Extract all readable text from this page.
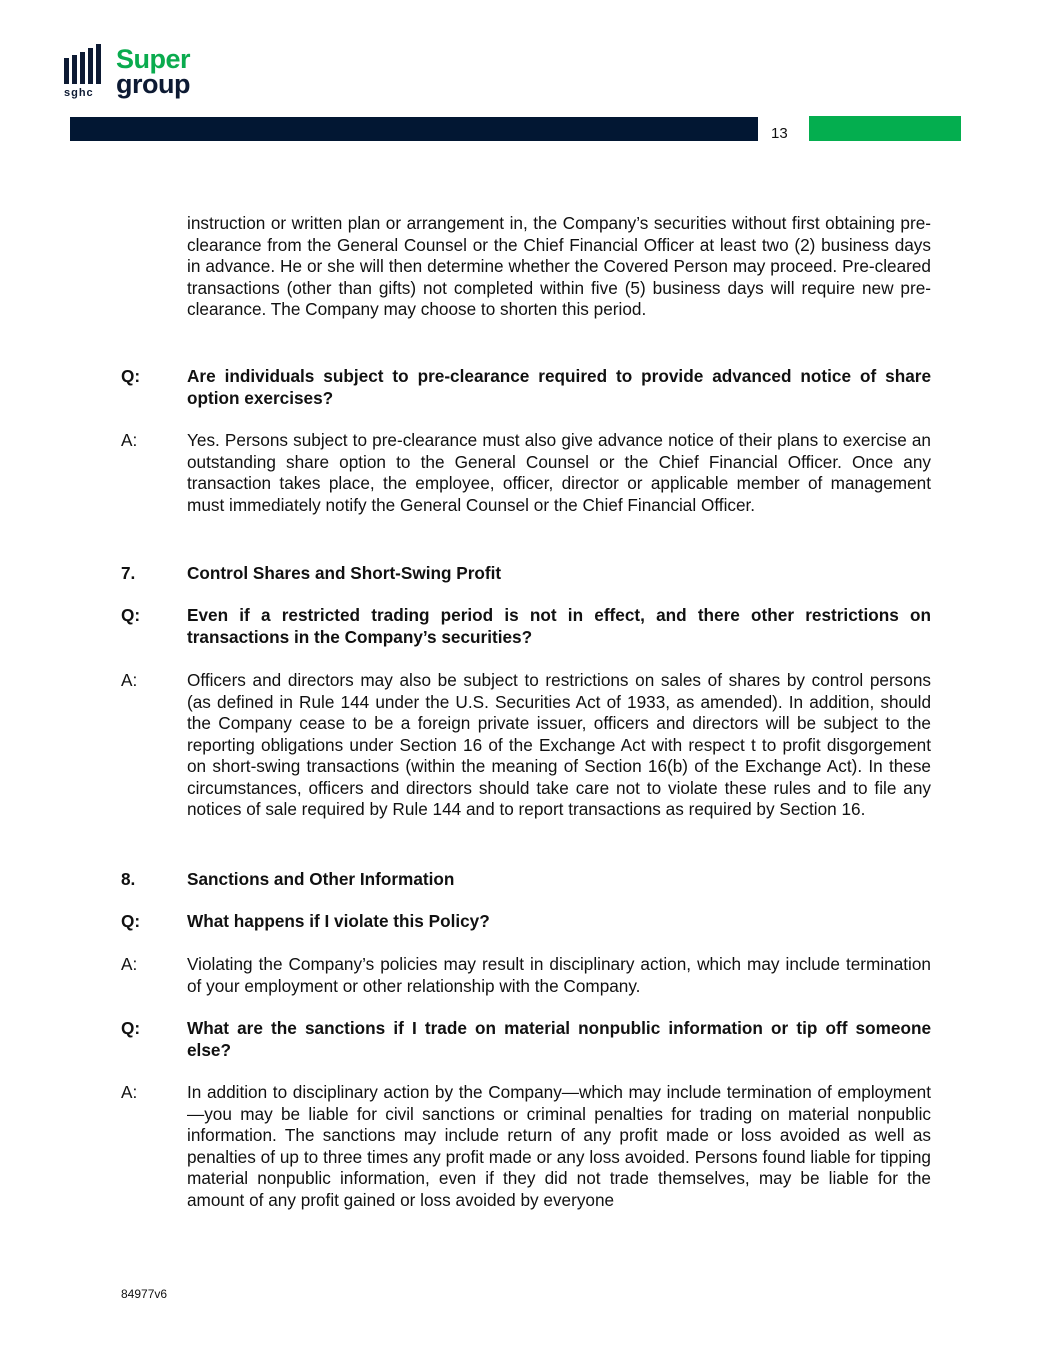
sghc
Super
group
13
instruction or written plan or arrangement in, the Company’s securities without first obtaining pre-clearance from the General Counsel or the Chief Financial Officer at least two (2) business days in advance. He or she will then determine whether the Covered Person may proceed. Pre-cleared transactions (other than gifts) not completed within five (5) business days will require new pre-clearance. The Company may choose to shorten this period.
Q:	Are individuals subject to pre-clearance required to provide advanced notice of share option exercises?
A:	Yes. Persons subject to pre-clearance must also give advance notice of their plans to exercise an outstanding share option to the General Counsel or the Chief Financial Officer. Once any transaction takes place, the employee, officer, director or applicable member of management must immediately notify the General Counsel or the Chief Financial Officer.
7.	Control Shares and Short-Swing Profit
Q:	Even if a restricted trading period is not in effect, and there other restrictions on transactions in the Company’s securities?
A:	Officers and directors may also be subject to restrictions on sales of shares by control persons (as defined in Rule 144 under the U.S. Securities Act of 1933, as amended). In addition, should the Company cease to be a foreign private issuer, officers and directors will be subject to the reporting obligations under Section 16 of the Exchange Act with respect t to profit disgorgement on short-swing transactions (within the meaning of Section 16(b) of the Exchange Act). In these circumstances, officers and directors should take care not to violate these rules and to file any notices of sale required by Rule 144 and to report transactions as required by Section 16.
8.	Sanctions and Other Information
Q:	What happens if I violate this Policy?
A:	Violating the Company’s policies may result in disciplinary action, which may include termination of your employment or other relationship with the Company.
Q:	What are the sanctions if I trade on material nonpublic information or tip off someone else?
A:	In addition to disciplinary action by the Company—which may include termination of employment—you may be liable for civil sanctions or criminal penalties for trading on material nonpublic information. The sanctions may include return of any profit made or loss avoided as well as penalties of up to three times any profit made or any loss avoided. Persons found liable for tipping material nonpublic information, even if they did not trade themselves, may be liable for the amount of any profit gained or loss avoided by everyone
84977v6
